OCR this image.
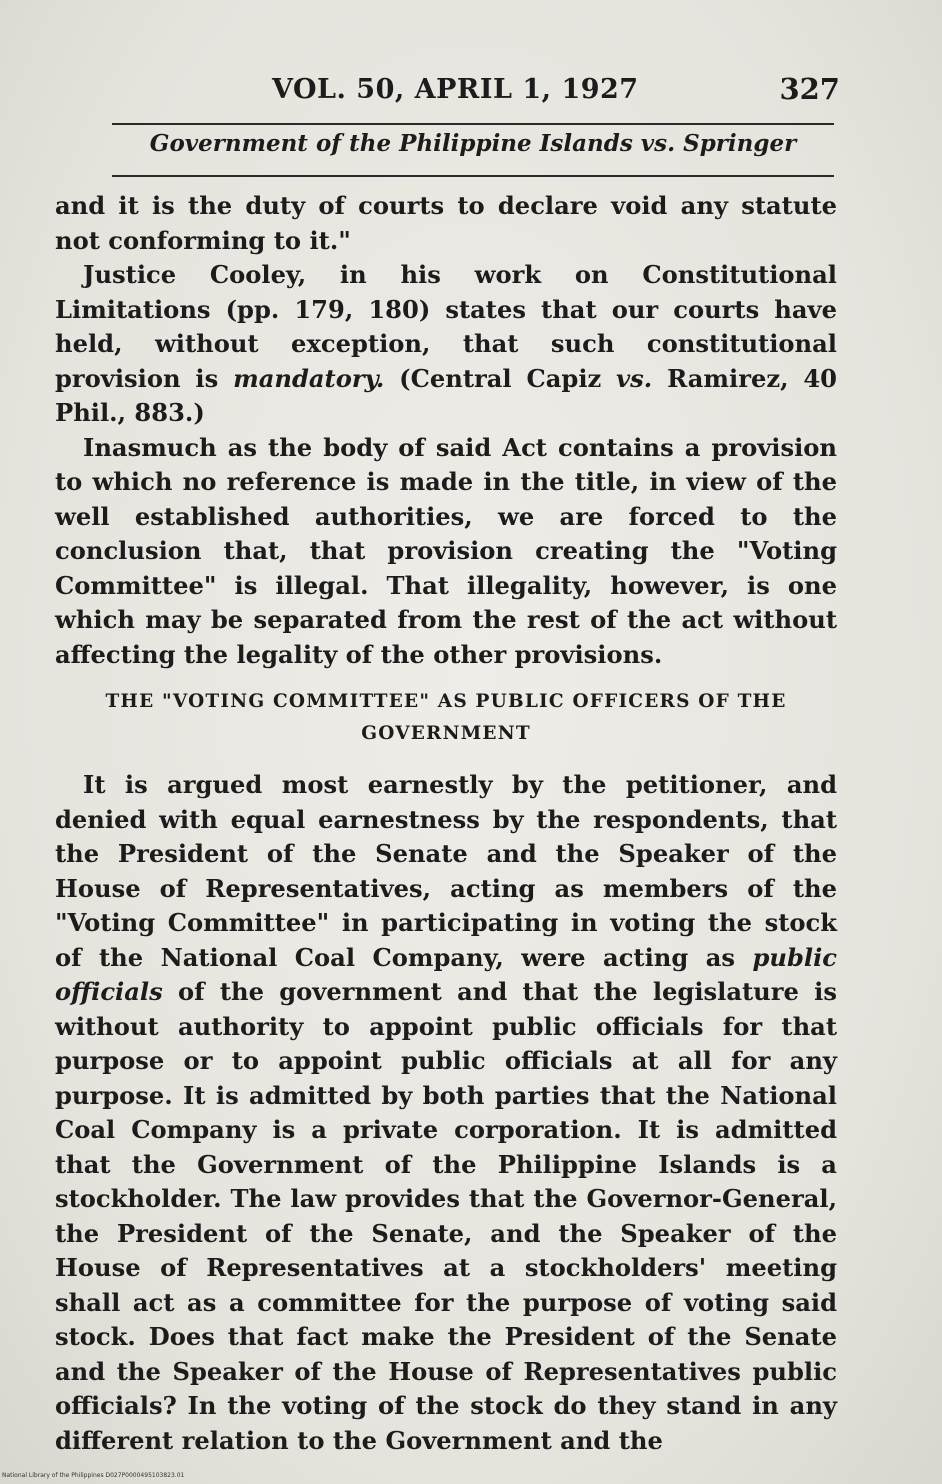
VOL. 50, APRIL 1, 1927	327
Government of the Philippine Islands vs. Springer

and it is the duty of courts to declare void any statute not conforming to it."

Justice Cooley, in his work on Constitutional Limitations (pp. 179, 180) states that our courts have held, without exception, that such constitutional provision is mandatory. (Central Capiz vs. Ramirez, 40 Phil., 883.)

Inasmuch as the body of said Act contains a provision to which no reference is made in the title, in view of the well established authorities, we are forced to the conclusion that, that provision creating the "Voting Committee" is illegal. That illegality, however, is one which may be separated from the rest of the act without affecting the legality of the other provisions.

THE "VOTING COMMITTEE" AS PUBLIC OFFICERS OF THE
GOVERNMENT

It is argued most earnestly by the petitioner, and denied with equal earnestness by the respondents, that the President of the Senate and the Speaker of the House of Representatives, acting as members of the "Voting Committee" in participating in voting the stock of the National Coal Company, were acting as public officials of the government and that the legislature is without authority to appoint public officials for that purpose or to appoint public officials at all for any purpose. It is admitted by both parties that the National Coal Company is a private corporation. It is admitted that the Government of the Philippine Islands is a stockholder. The law provides that the Governor-General, the President of the Senate, and the Speaker of the House of Representatives at a stockholders' meeting shall act as a committee for the purpose of voting said stock. Does that fact make the President of the Senate and the Speaker of the House of Representatives public officials? In the voting of the stock do they stand in any different relation to the Government and the

National Library of the Philippines D027P0000495103823.01
